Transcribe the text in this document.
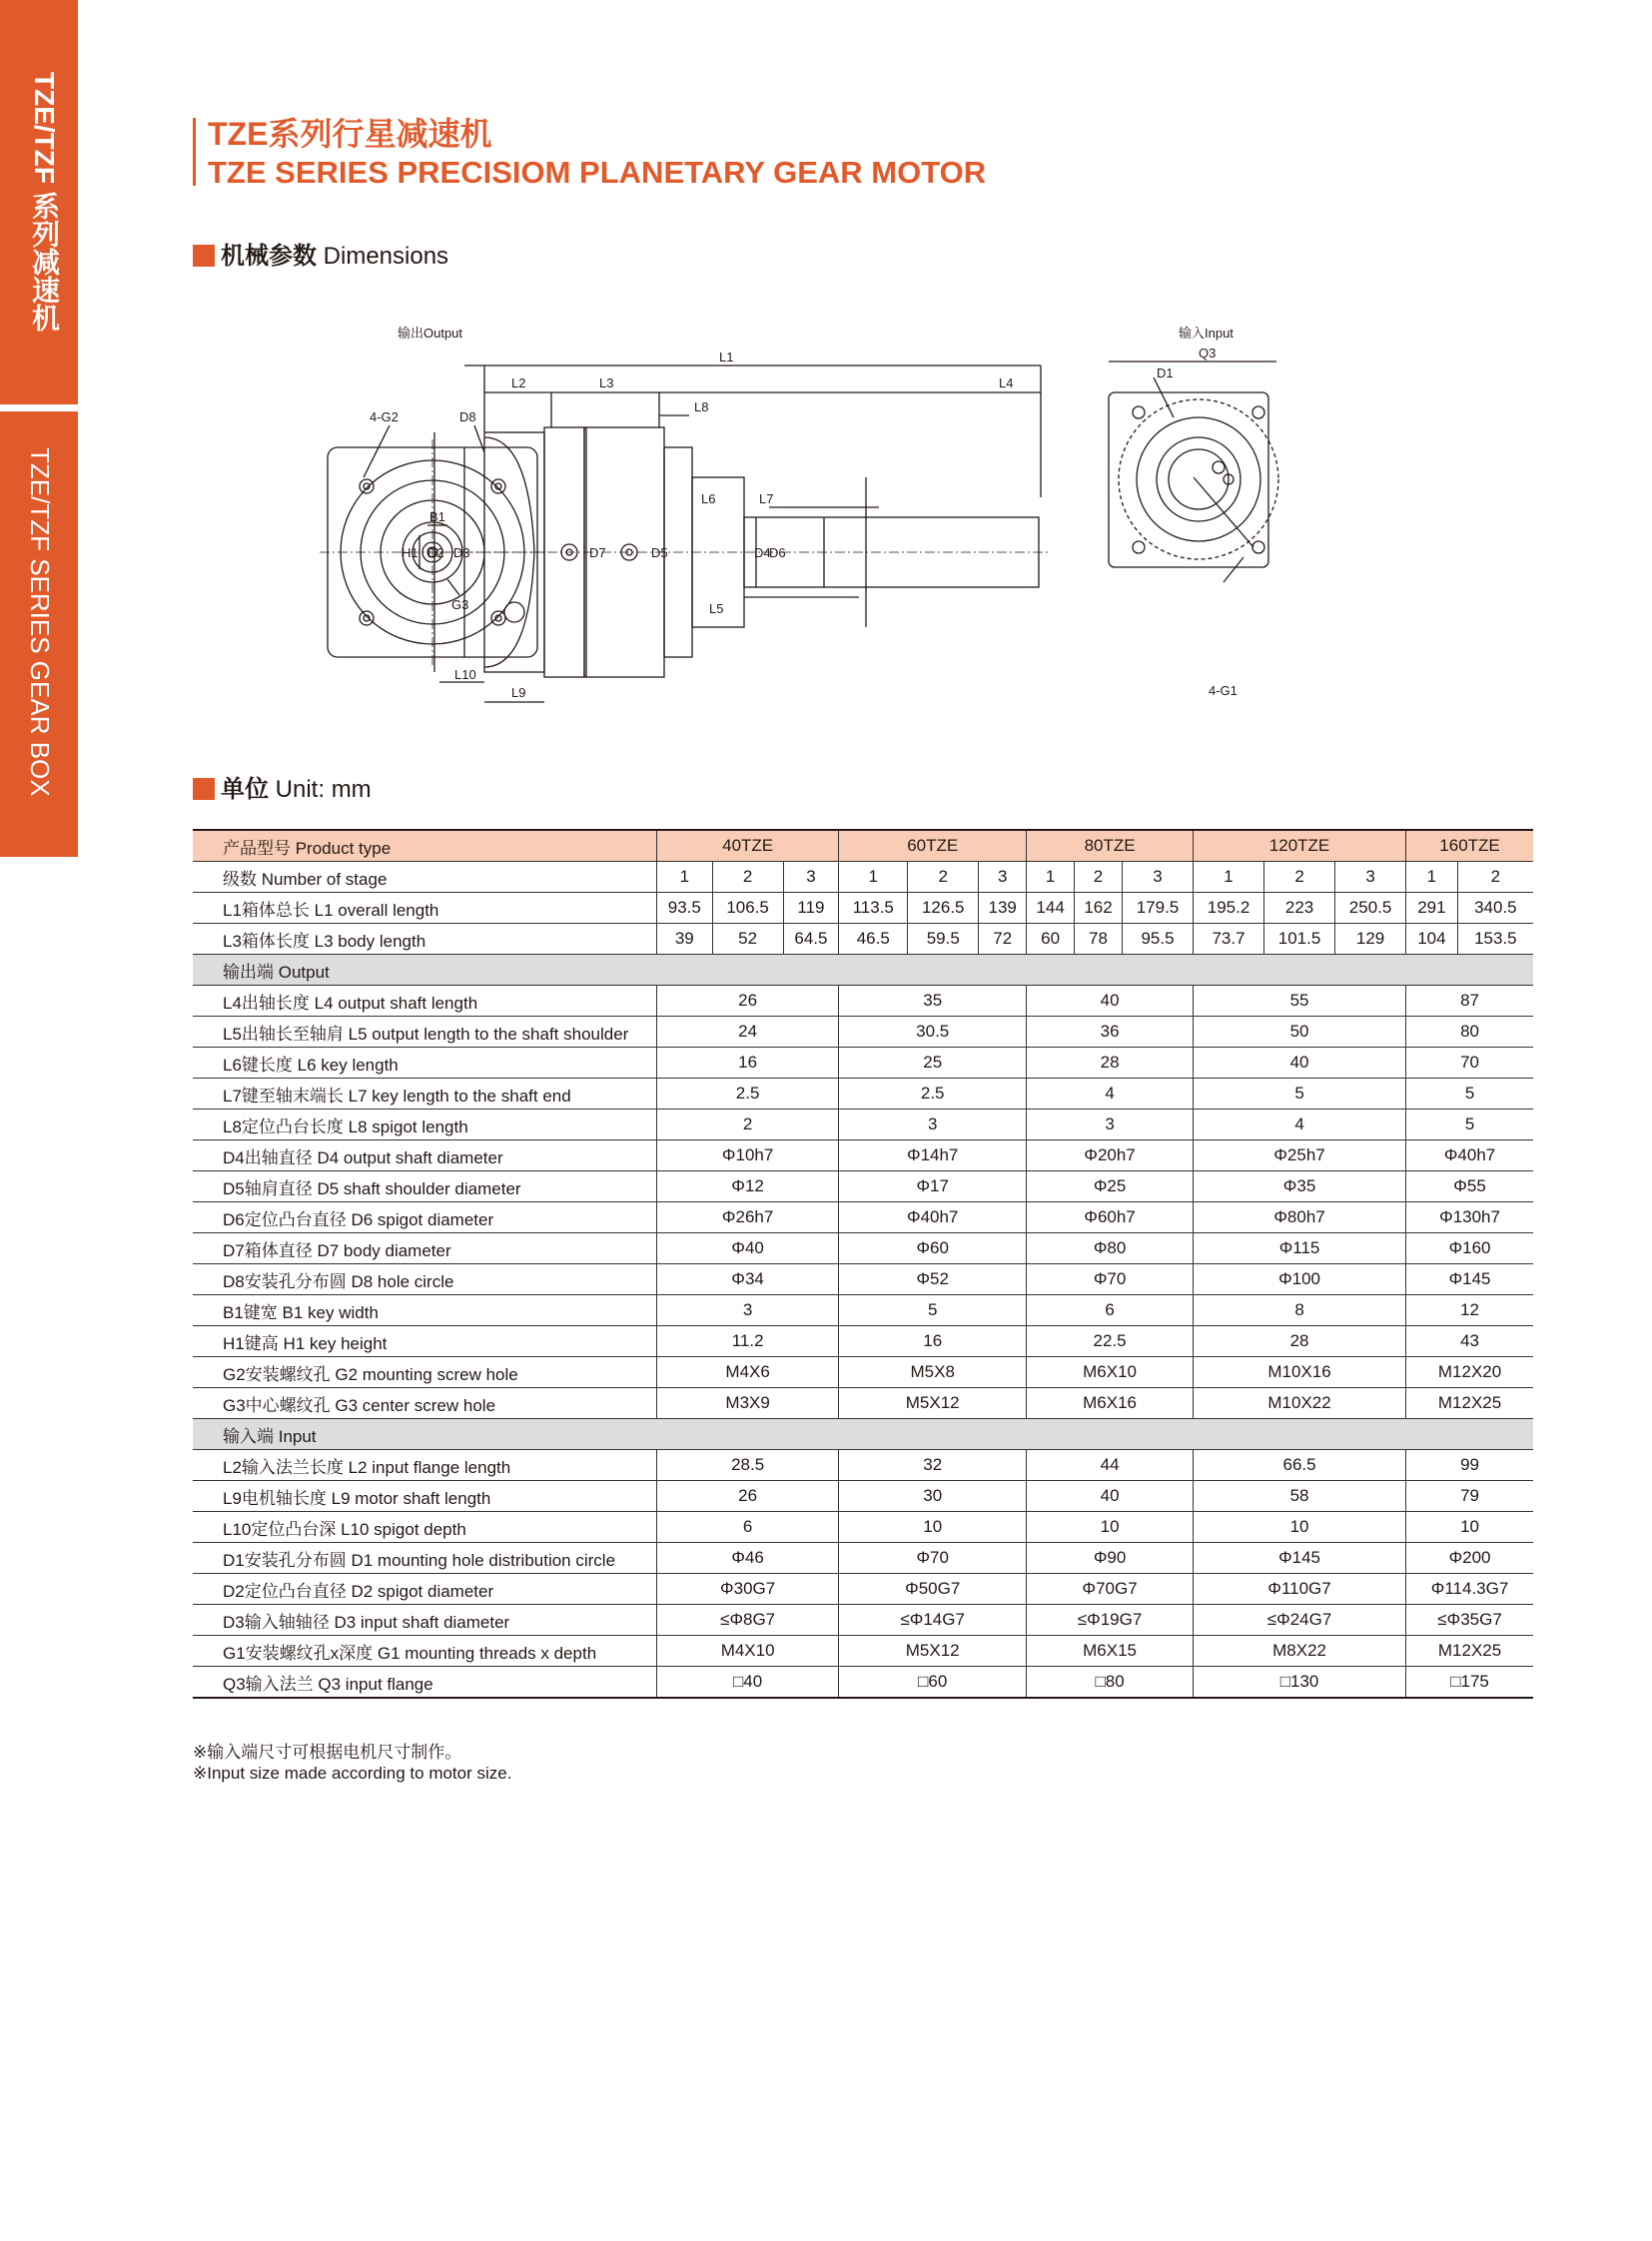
TZE/TZF 系列减速机
TZE/TZF SERIES GEAR BOX
TZE系列行星减速机
TZE SERIES PRECISIOM PLANETARY GEAR MOTOR
机械参数 Dimensions
输出Output	输入Input
4-G2	D8
B1
H1
G3
L1
L2	L3	L4
L8
L6	L7
L5
L10
L9
D2 D3	D7	D5	D4
D6
Q3
D1
4-G1
单位 Unit: mm
产品型号 Product type	40TZE			60TZE			80TZE			120TZE			160TZE	
级数 Number of stage	1	2	3	1	2	3	1	2	3	1	2	3	1	2
L1箱体总长 L1 overall length	93.5	106.5	119	113.5	126.5	139	144	162	179.5	195.2	223	250.5	291	340.5
L3箱体长度 L3 body length	39	52	64.5	46.5	59.5	72	60	78	95.5	73.7	101.5	129	104	153.5
输出端 Output														
L4出轴长度 L4 output shaft length	26			35			40			55			87	
L5出轴长至轴肩 L5 output length to the shaft shoulder	24			30.5			36			50			80	
L6键长度 L6 key length	16			25			28			40			70	
L7键至轴末端长 L7 key length to the shaft end	2.5			2.5			4			5			5	
L8定位凸台长度 L8 spigot length	2			3			3			4			5	
D4出轴直径 D4 output shaft diameter	Φ10h7			Φ14h7			Φ20h7			Φ25h7			Φ40h7	
D5轴肩直径 D5 shaft shoulder diameter	Φ12			Φ17			Φ25			Φ35			Φ55	
D6定位凸台直径 D6 spigot diameter	Φ26h7			Φ40h7			Φ60h7			Φ80h7			Φ130h7	
D7箱体直径 D7 body diameter	Φ40			Φ60			Φ80			Φ115			Φ160	
D8安装孔分布圆 D8 hole circle	Φ34			Φ52			Φ70			Φ100			Φ145	
B1键宽 B1 key width	3			5			6			8			12	
H1键高 H1 key height	11.2			16			22.5			28			43	
G2安装螺纹孔 G2 mounting screw hole	M4X6			M5X8			M6X10			M10X16			M12X20	
G3中心螺纹孔 G3 center screw hole	M3X9			M5X12			M6X16			M10X22			M12X25	
输入端 Input														
L2输入法兰长度 L2 input flange length	28.5			32			44			66.5			99	
L9电机轴长度 L9 motor shaft length	26			30			40			58			79	
L10定位凸台深 L10 spigot depth	6			10			10			10			10	
D1安装孔分布圆 D1 mounting hole distribution circle	Φ46			Φ70			Φ90			Φ145			Φ200	
D2定位凸台直径 D2 spigot diameter	Φ30G7			Φ50G7			Φ70G7			Φ110G7			Φ114.3G7	
D3输入轴轴径 D3 input shaft diameter	≤Φ8G7			≤Φ14G7			≤Φ19G7			≤Φ24G7			≤Φ35G7	
G1安装螺纹孔x深度 G1 mounting threads x depth	M4X10			M5X12			M6X15			M8X22			M12X25	
Q3输入法兰 Q3 input flange	□40			□60			□80			□130			□175	
※输入端尺寸可根据电机尺寸制作。
※Input size made according to motor size.
